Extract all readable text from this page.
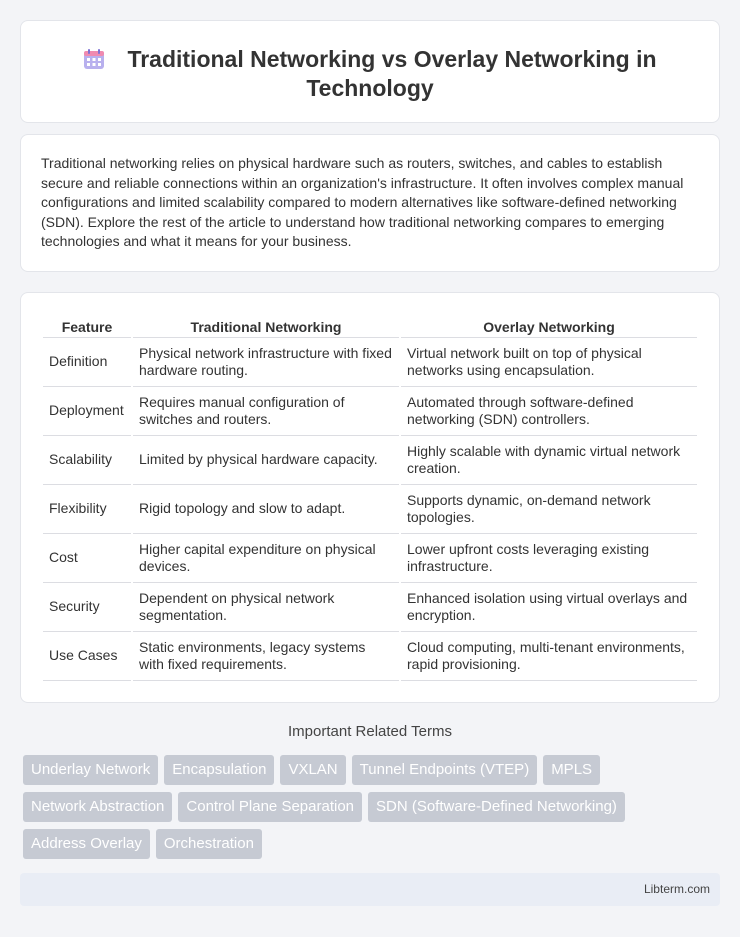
Traditional Networking vs Overlay Networking in Technology

Traditional networking relies on physical hardware such as routers, switches, and cables to establish secure and reliable connections within an organization's infrastructure. It often involves complex manual configurations and limited scalability compared to modern alternatives like software-defined networking (SDN). Explore the rest of the article to understand how traditional networking compares to emerging technologies and what it means for your business.

Feature	Traditional Networking	Overlay Networking
Definition	Physical network infrastructure with fixed hardware routing.	Virtual network built on top of physical networks using encapsulation.
Deployment	Requires manual configuration of switches and routers.	Automated through software-defined networking (SDN) controllers.
Scalability	Limited by physical hardware capacity.	Highly scalable with dynamic virtual network creation.
Flexibility	Rigid topology and slow to adapt.	Supports dynamic, on-demand network topologies.
Cost	Higher capital expenditure on physical devices.	Lower upfront costs leveraging existing infrastructure.
Security	Dependent on physical network segmentation.	Enhanced isolation using virtual overlays and encryption.
Use Cases	Static environments, legacy systems with fixed requirements.	Cloud computing, multi-tenant environments, rapid provisioning.
Important Related Terms
Underlay Network	Encapsulation	VXLAN	Tunnel Endpoints (VTEP)	MPLS
Network Abstraction	Control Plane Separation	SDN (Software-Defined Networking)
Address Overlay	Orchestration
Libterm.com
